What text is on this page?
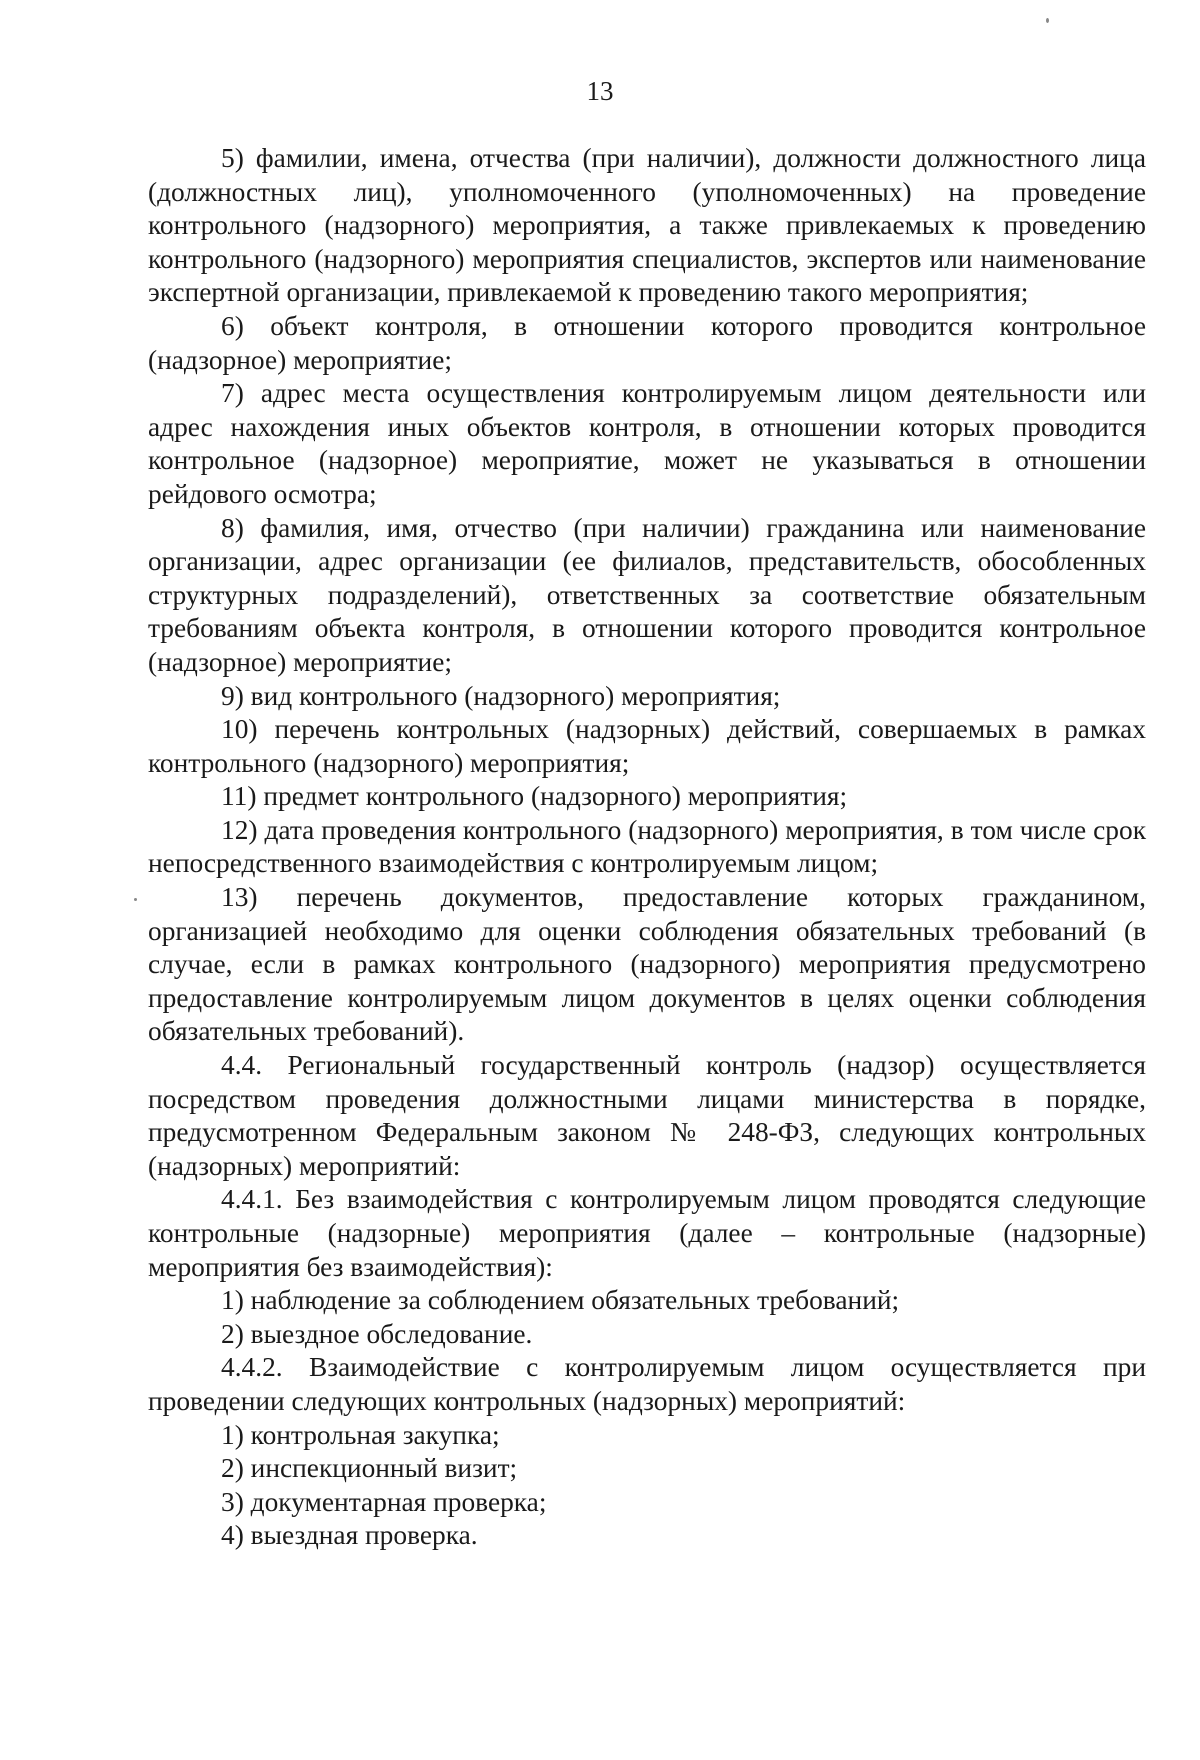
13

5) фамилии, имена, отчества (при наличии), должности должностного лица (должностных лиц), уполномоченного (уполномоченных) на проведение контрольного (надзорного) мероприятия, а также привлекаемых к проведению контрольного (надзорного) мероприятия специалистов, экспертов или наименование экспертной организации, привлекаемой к проведению такого мероприятия;

6) объект контроля, в отношении которого проводится контрольное (надзорное) мероприятие;

7) адрес места осуществления контролируемым лицом деятельности или адрес нахождения иных объектов контроля, в отношении которых проводится контрольное (надзорное) мероприятие, может не указываться в отношении рейдового осмотра;

8) фамилия, имя, отчество (при наличии) гражданина или наименование организации, адрес организации (ее филиалов, представительств, обособленных структурных подразделений), ответственных за соответствие обязательным требованиям объекта контроля, в отношении которого проводится контрольное (надзорное) мероприятие;

9) вид контрольного (надзорного) мероприятия;

10) перечень контрольных (надзорных) действий, совершаемых в рамках контрольного (надзорного) мероприятия;

11) предмет контрольного (надзорного) мероприятия;

12) дата проведения контрольного (надзорного) мероприятия, в том числе срок непосредственного взаимодействия с контролируемым лицом;

13) перечень документов, предоставление которых гражданином, организацией необходимо для оценки соблюдения обязательных требований (в случае, если в рамках контрольного (надзорного) мероприятия предусмотрено предоставление контролируемым лицом документов в целях оценки соблюдения обязательных требований).

4.4. Региональный государственный контроль (надзор) осуществляется посредством проведения должностными лицами министерства в порядке, предусмотренном Федеральным законом № 248-ФЗ, следующих контрольных (надзорных) мероприятий:

4.4.1. Без взаимодействия с контролируемым лицом проводятся следующие контрольные (надзорные) мероприятия (далее – контрольные (надзорные) мероприятия без взаимодействия):

1) наблюдение за соблюдением обязательных требований;

2) выездное обследование.

4.4.2. Взаимодействие с контролируемым лицом осуществляется при проведении следующих контрольных (надзорных) мероприятий:

1) контрольная закупка;

2) инспекционный визит;

3) документарная проверка;

4) выездная проверка.
